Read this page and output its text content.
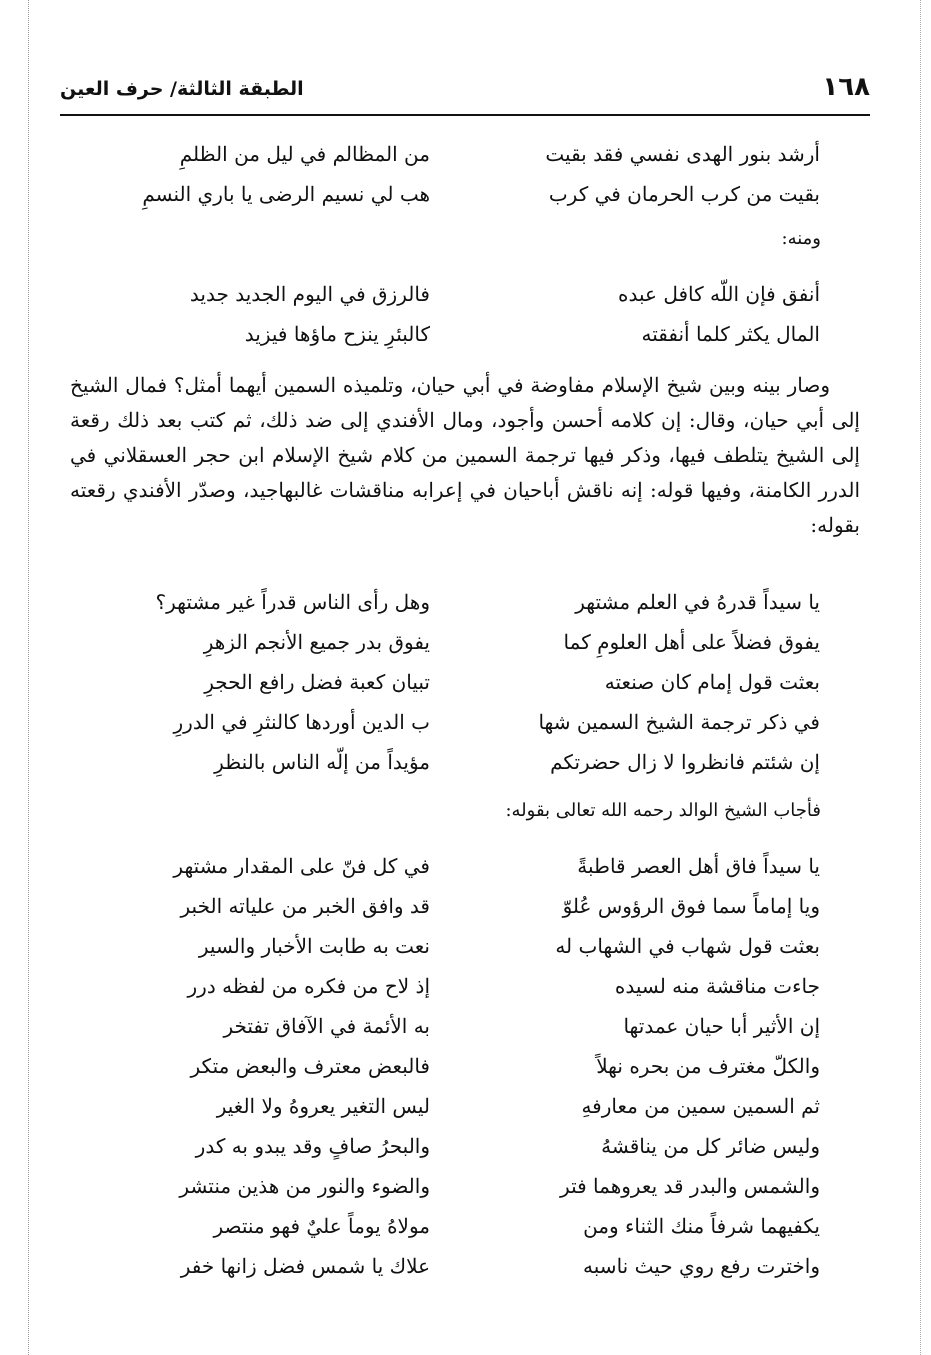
١٦٨
الطبقة الثالثة/ حرف العين
أرشد بنور الهدى نفسي فقد بقيت
من المظالم في ليل من الظلمِ
بقيت من كرب الحرمان في كرب
هب لي نسيم الرضى يا باري النسمِ
ومنه:
أنفق فإن اللّه كافل عبده
فالرزق في اليوم الجديد جديد
المال يكثر كلما أنفقته
كالبئرِ ينزح ماؤها فيزيد

وصار بينه وبين شيخ الإسلام مفاوضة في أبي حيان، وتلميذه السمين أيهما أمثل؟ فمال الشيخ إلى أبي حيان، وقال: إن كلامه أحسن وأجود، ومال الأفندي إلى ضد ذلك، ثم كتب بعد ذلك رقعة إلى الشيخ يتلطف فيها، وذكر فيها ترجمة السمين من كلام شيخ الإسلام ابن حجر العسقلاني في الدرر الكامنة، وفيها قوله: إنه ناقش أباحيان في إعرابه مناقشات غالبهاجيد، وصدّر الأفندي رقعته بقوله:

يا سيداً قدرهُ في العلم مشتهر
وهل رأى الناس قدراً غير مشتهر؟
يفوق فضلاً على أهل العلومِ كما
يفوق بدر جميع الأنجم الزهرِ
بعثت قول إمام كان صنعته
تبيان كعبة فضل رافع الحجرِ
في ذكر ترجمة الشيخ السمين شها
ب الدين أوردها كالنثرِ في الدررِ
إن شئتم فانظروا لا زال حضرتكم
مؤيداً من إلّه الناس بالنظرِ
فأجاب الشيخ الوالد رحمه الله تعالى بقوله:
يا سيداً فاق أهل العصر قاطبةً
في كل فنّ على المقدار مشتهر
ويا إماماً سما فوق الرؤوس عُلوّ
قد وافق الخبر من علياته الخبر
بعثت قول شهاب في الشهاب له
نعت به طابت الأخبار والسير
جاءت مناقشة منه لسيده
إذ لاح من فكره من لفظه درر
إن الأثير أبا حيان عمدتها
به الأئمة في الآفاق تفتخر
والكلّ مغترف من بحره نهلاً
فالبعض معترف والبعض متكر
ثم السمين سمين من معارفهِ
ليس التغير يعروهُ ولا الغير
وليس ضائر كل من يناقشهُ
والبحرُ صافٍ وقد يبدو به كدر
والشمس والبدر قد يعروهما فتر
والضوء والنور من هذين منتشر
يكفيهما شرفاً منك الثناء ومن
مولاهُ يوماً عليٌ فهو منتصر
واخترت رفع روي حيث ناسبه
علاك يا شمس فضل زانها خفر
